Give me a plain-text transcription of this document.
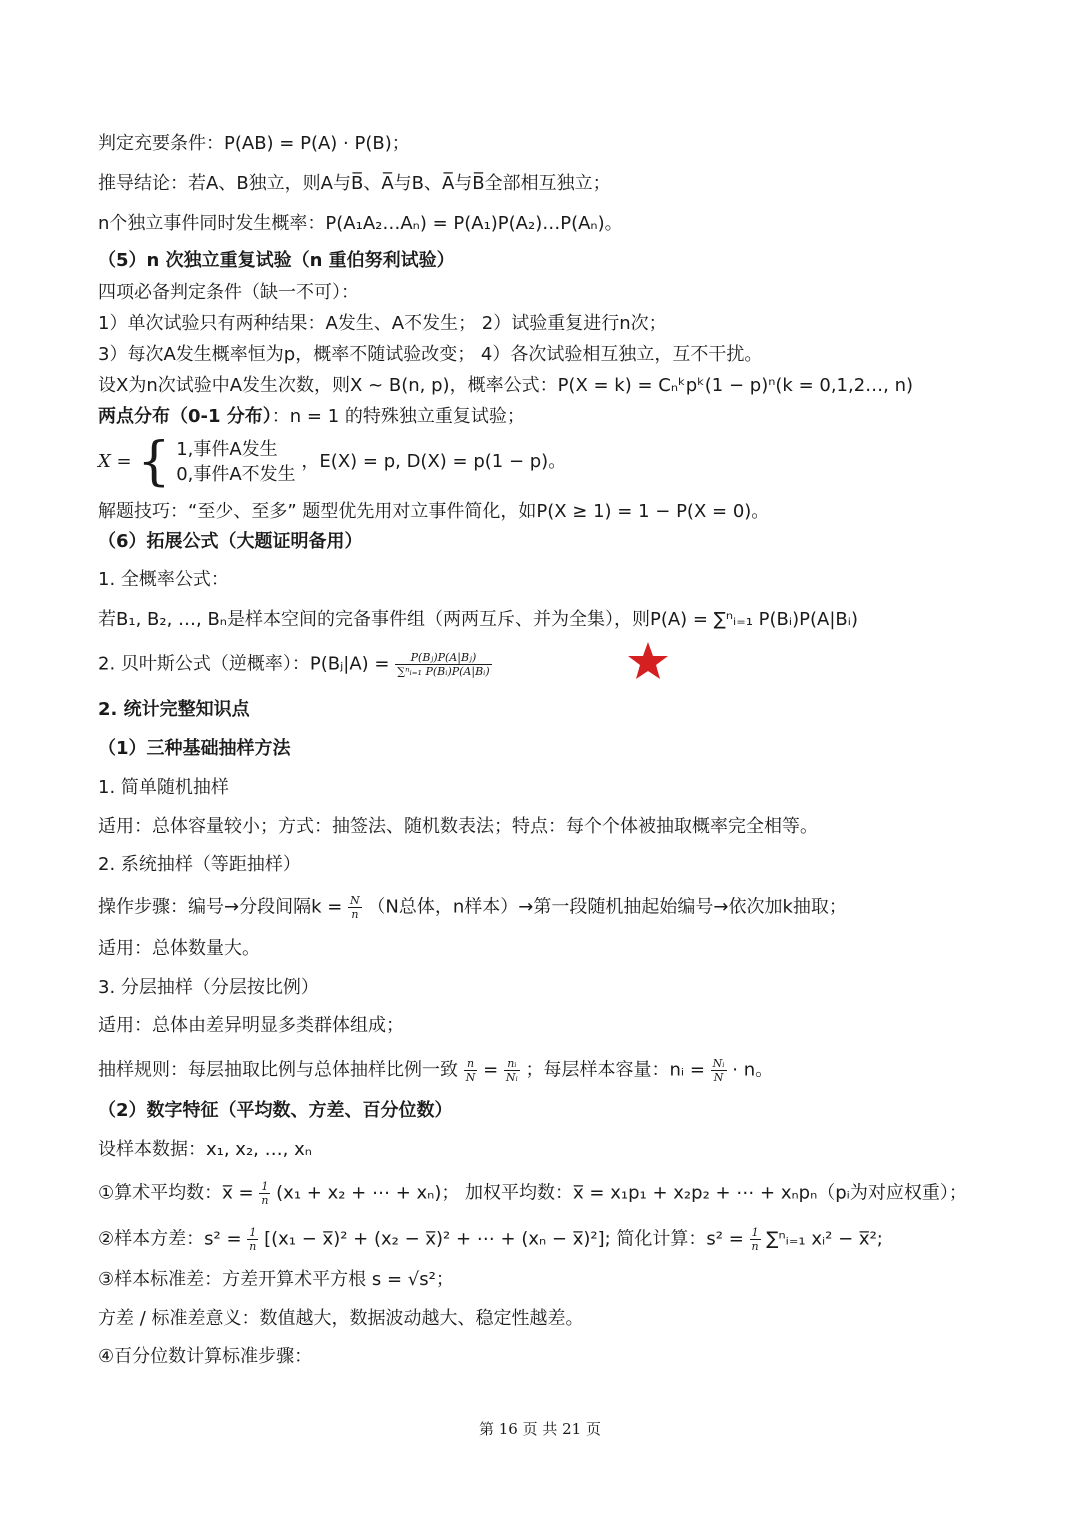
判定充要条件：P(AB) = P(A) · P(B)；
推导结论：若A、B独立，则A与B̅、A̅与B、A̅与B̅全部相互独立；
n个独立事件同时发生概率：P(A₁A₂…Aₙ) = P(A₁)P(A₂)…P(Aₙ)。
（5）n 次独立重复试验（n 重伯努利试验）
四项必备判定条件（缺一不可）：
1）单次试验只有两种结果：A发生、A不发生； 2）试验重复进行n次；
3）每次A发生概率恒为p，概率不随试验改变； 4）各次试验相互独立，互不干扰。
设X为n次试验中A发生次数，则X ~ B(n, p)，概率公式：P(X = k) = Cₙᵏpᵏ(1 − p)ⁿ(k = 0,1,2…, n)
两点分布（0-1 分布）：n = 1 的特殊独立重复试验；
X = { 1,事件A发生
0,事件A不发生
，E(X) = p, D(X) = p(1 − p)。
解题技巧：“至少、至多” 题型优先用对立事件简化，如P(X ≥ 1) = 1 − P(X = 0)。
（6）拓展公式（大题证明备用）
1. 全概率公式：
若B₁, B₂, …, Bₙ是样本空间的完备事件组（两两互斥、并为全集），则P(A) = ∑ⁿᵢ₌₁ P(Bᵢ)P(A|Bᵢ)
2. 贝叶斯公式（逆概率）：P(Bⱼ|A) = $\frac{\text{P(Bⱼ)P(A|Bⱼ)}}{\text{∑ⁿᵢ₌₁ P(Bᵢ)P(A|Bᵢ)}}$
2. 统计完整知识点
（1）三种基础抽样方法
1. 简单随机抽样
适用：总体容量较小；方式：抽签法、随机数表法；特点：每个个体被抽取概率完全相等。
2. 系统抽样（等距抽样）
操作步骤：编号→分段间隔$k = \frac{N}{n} (N$总体，n样本）→第一段随机抽起始编号→依次加k抽取；
适用：总体数量大。
3. 分层抽样（分层按比例）
适用：总体由差异明显多类群体组成；
抽样规则：每层抽取比例与总体抽样比例一致 $\frac{n}{N} = \frac{\text{nᵢ}}{\text{Nᵢ}}$ ；每层样本容量：nᵢ = $\frac{\text{Nᵢ}}{N} \cdot n$。
（2）数字特征（平均数、方差、百分位数）
设样本数据：x₁, x₂, …, xₙ
①算术平均数：x̅ = $\frac{1}{n} (x_1 + x_2$ + ⋯ + xₙ)； 加权平均数：x̅ = x₁p₁ + x₂p₂ + ⋯ + xₙpₙ（pᵢ为对应权重）；
②样本方差：$s^2 = \frac{1}{n} [(x_1$ − x̅)² + (x₂ − x̅)² + ⋯ + (xₙ − x̅)²]; 简化计算：$s^2 = \frac{1}{n}$ ∑ⁿᵢ₌₁ xᵢ² − x̅²;
③样本标准差：方差开算术平方根 s = √s²；
方差 / 标准差意义：数值越大，数据波动越大、稳定性越差。
④百分位数计算标准步骤：
第 16 页 共 21 页
